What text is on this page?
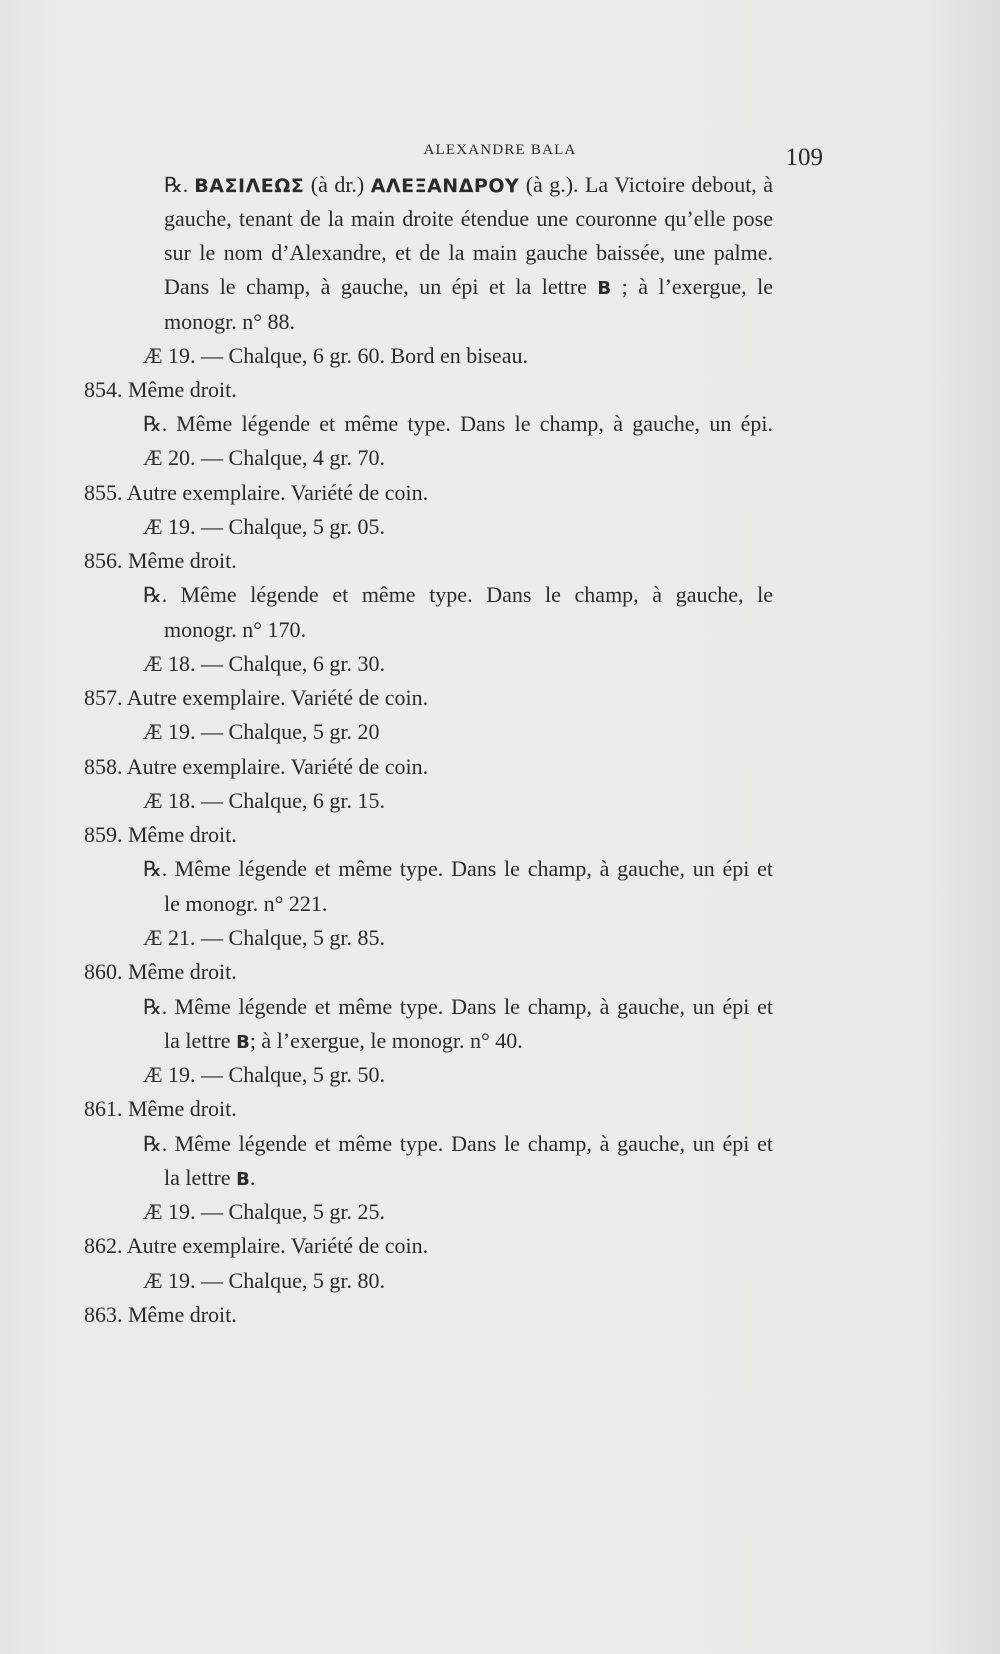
ALEXANDRE BALA	109
℞. ΒΑΣΙΛΕΩΣ (à dr.) ΑΛΕΞΑΝΔΡΟΥ (à g.). La Victoire debout, à
gauche, tenant de la main droite étendue une couronne qu’elle pose
sur le nom d’Alexandre, et de la main gauche baissée, une palme.
Dans le champ, à gauche, un épi et la lettre B ; à l’exergue, le
monogr. n° 88.
Æ 19. — Chalque, 6 gr. 60. Bord en biseau.
854. Même droit.
℞. Même légende et même type. Dans le champ, à gauche, un épi.
Æ 20. — Chalque, 4 gr. 70.
855. Autre exemplaire. Variété de coin.
Æ 19. — Chalque, 5 gr. 05.
856. Même droit.
℞. Même légende et même type. Dans le champ, à gauche, le
monogr. n° 170.
Æ 18. — Chalque, 6 gr. 30.
857. Autre exemplaire. Variété de coin.
Æ 19. — Chalque, 5 gr. 20
858. Autre exemplaire. Variété de coin.
Æ 18. — Chalque, 6 gr. 15.
859. Même droit.
℞. Même légende et même type. Dans le champ, à gauche, un épi et
le monogr. n° 221.
Æ 21. — Chalque, 5 gr. 85.
860. Même droit.
℞. Même légende et même type. Dans le champ, à gauche, un épi et
la lettre B; à l’exergue, le monogr. n° 40.
Æ 19. — Chalque, 5 gr. 50.
861. Même droit.
℞. Même légende et même type. Dans le champ, à gauche, un épi et
la lettre B.
Æ 19. — Chalque, 5 gr. 25.
862. Autre exemplaire. Variété de coin.
Æ 19. — Chalque, 5 gr. 80.
863. Même droit.
